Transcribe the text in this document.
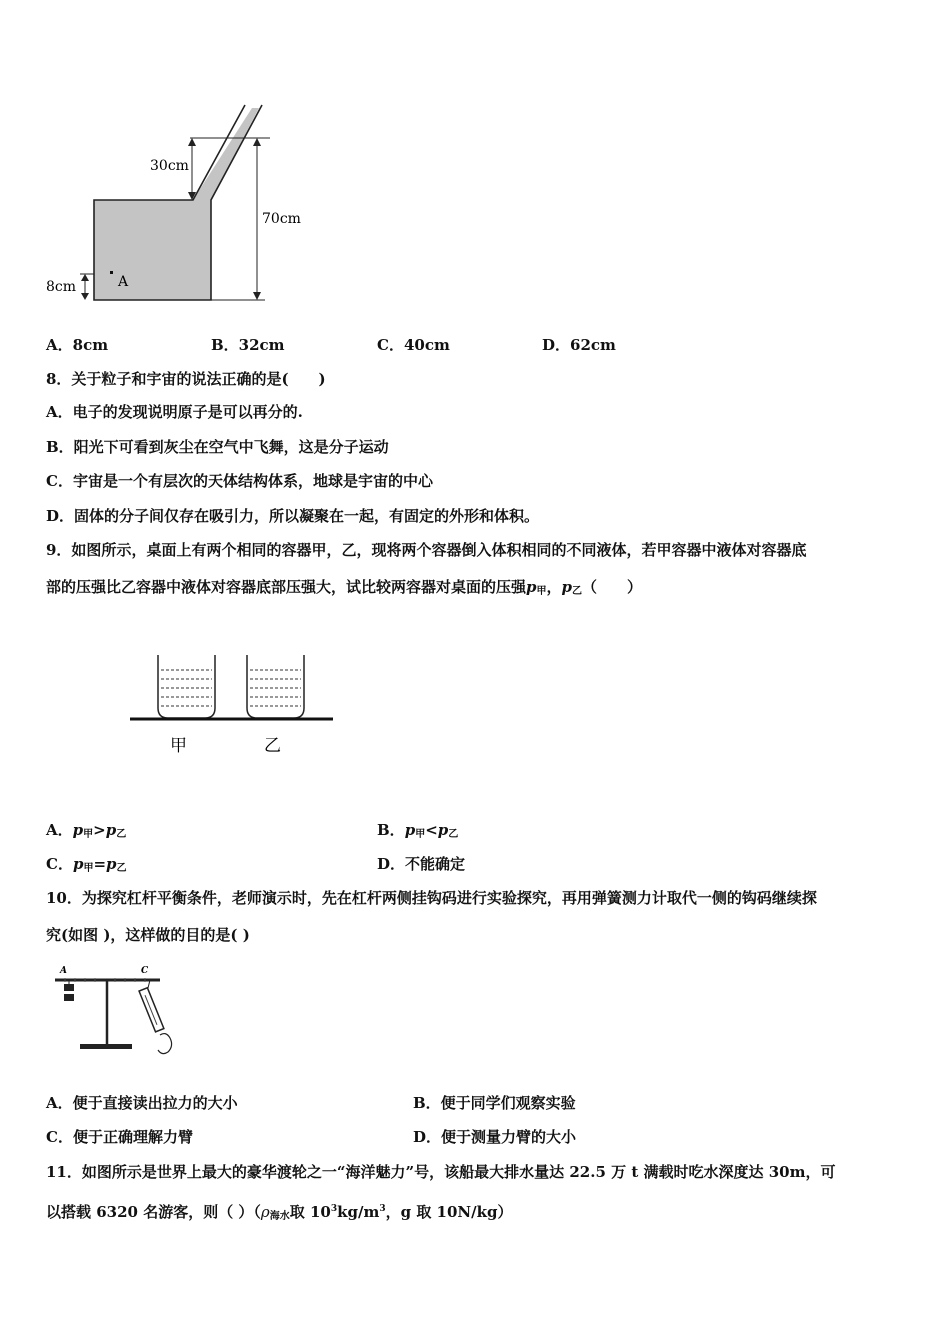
30cm
70cm
8cm	A
A．8cm	B．32cm	C．40cm	D．62cm
8．关于粒子和宇宙的说法正确的是(　　)
A．电子的发现说明原子是可以再分的.
B．阳光下可看到灰尘在空气中飞舞，这是分子运动
C．宇宙是一个有层次的天体结构体系，地球是宇宙的中心
D．固体的分子间仅存在吸引力，所以凝聚在一起，有固定的外形和体积。
9．如图所示，桌面上有两个相同的容器甲，乙，现将两个容器倒入体积相同的不同液体，若甲容器中液体对容器底
部的压强比乙容器中液体对容器底部压强大，试比较两容器对桌面的压强$p_甲$，$p_乙$（　　）
甲	乙
A．$p_甲>p_乙$	B．$p_甲<p_乙$
C．$p_甲=p_乙$	D．不能确定
10．为探究杠杆平衡条件，老师演示时，先在杠杆两侧挂钩码进行实验探究，再用弹簧测力计取代一侧的钩码继续探
究(如图 )，这样做的目的是( )
A	C
A．便于直接读出拉力的大小	B．便于同学们观察实验
C．便于正确理解力臂	D．便于测量力臂的大小
11．如图所示是世界上最大的豪华渡轮之一“海洋魅力”号，该船最大排水量达 22.5 万 t 满载时吃水深度达 30m，可
以搭载 6320 名游客，则（ ）（$\rho_{海水}$取 $10^3kg/m^3$，g 取 10N/kg）
